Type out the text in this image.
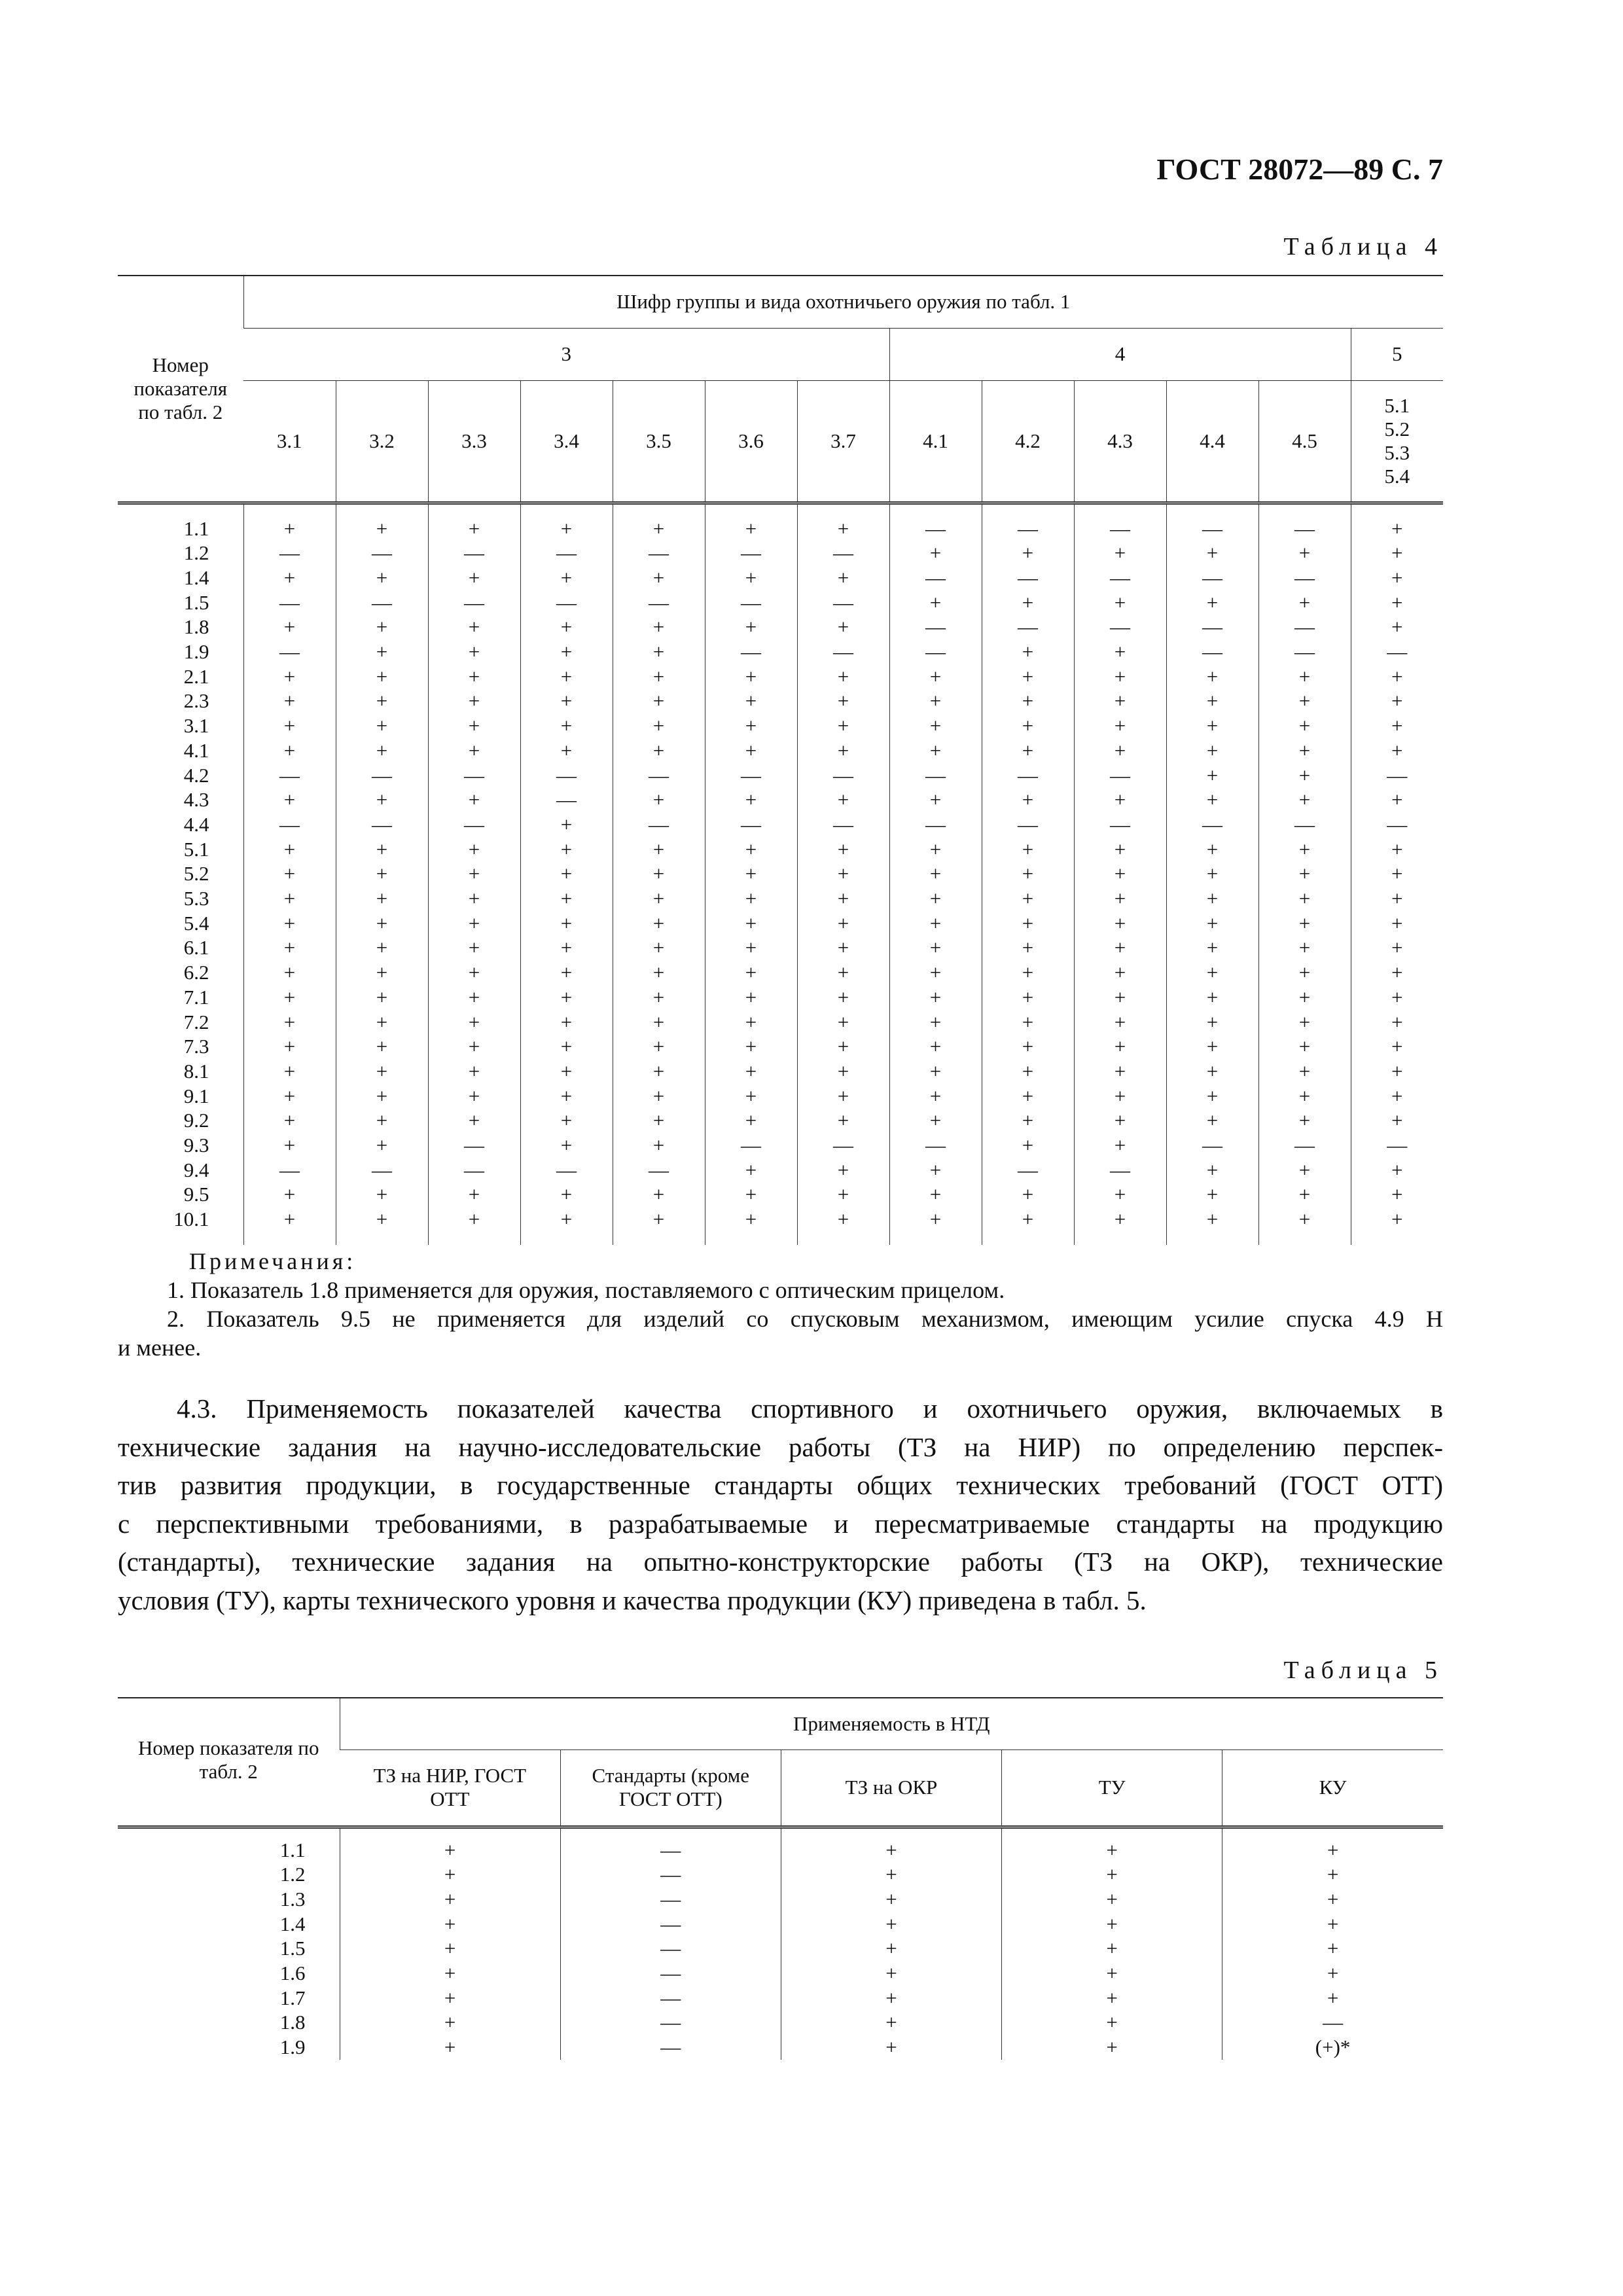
ГОСТ 28072—89 С. 7
Таблица 4
Номер показателя по табл. 2	Шифр группы и вида охотничьего оружия по табл. 1												
	3							4					5
	3.1	3.2	3.3	3.4	3.5	3.6	3.7	4.1	4.2	4.3	4.4	4.5	5.1 5.2 5.3 5.4
1.1	+	+	+	+	+	+	+	—	—	—	—	—	+
1.2	—	—	—	—	—	—	—	+	+	+	+	+	+
1.4	+	+	+	+	+	+	+	—	—	—	—	—	+
1.5	—	—	—	—	—	—	—	+	+	+	+	+	+
1.8	+	+	+	+	+	+	+	—	—	—	—	—	+
1.9	—	+	+	+	+	—	—	—	+	+	—	—	—
2.1	+	+	+	+	+	+	+	+	+	+	+	+	+
2.3	+	+	+	+	+	+	+	+	+	+	+	+	+
3.1	+	+	+	+	+	+	+	+	+	+	+	+	+
4.1	+	+	+	+	+	+	+	+	+	+	+	+	+
4.2	—	—	—	—	—	—	—	—	—	—	+	+	—
4.3	+	+	+	—	+	+	+	+	+	+	+	+	+
4.4	—	—	—	+	—	—	—	—	—	—	—	—	—
5.1	+	+	+	+	+	+	+	+	+	+	+	+	+
5.2	+	+	+	+	+	+	+	+	+	+	+	+	+
5.3	+	+	+	+	+	+	+	+	+	+	+	+	+
5.4	+	+	+	+	+	+	+	+	+	+	+	+	+
6.1	+	+	+	+	+	+	+	+	+	+	+	+	+
6.2	+	+	+	+	+	+	+	+	+	+	+	+	+
7.1	+	+	+	+	+	+	+	+	+	+	+	+	+
7.2	+	+	+	+	+	+	+	+	+	+	+	+	+
7.3	+	+	+	+	+	+	+	+	+	+	+	+	+
8.1	+	+	+	+	+	+	+	+	+	+	+	+	+
9.1	+	+	+	+	+	+	+	+	+	+	+	+	+
9.2	+	+	+	+	+	+	+	+	+	+	+	+	+
9.3	+	+	—	+	+	—	—	—	+	+	—	—	—
9.4	—	—	—	—	—	+	+	+	—	—	+	+	+
9.5	+	+	+	+	+	+	+	+	+	+	+	+	+
10.1	+	+	+	+	+	+	+	+	+	+	+	+	+
Примечания:
1. Показатель 1.8 применяется для оружия, поставляемого с оптическим прицелом.
2. Показатель 9.5 не применяется для изделий со спусковым механизмом, имеющим усилие спуска 4.9 Н
и менее.
4.3. Применяемость показателей качества спортивного и охотничьего оружия, включаемых в
технические задания на научно-исследовательские работы (ТЗ на НИР) по определению перспек-
тив развития продукции, в государственные стандарты общих технических требований (ГОСТ ОТТ)
с перспективными требованиями, в разрабатываемые и пересматриваемые стандарты на продукцию
(стандарты), технические задания на опытно-конструкторские работы (ТЗ на ОКР), технические
условия (ТУ), карты технического уровня и качества продукции (КУ) приведена в табл. 5.
Таблица 5
Номер показателя по табл. 2	Применяемость в НТД				
	ТЗ на НИР, ГОСТ ОТТ	Стандарты (кроме ГОСТ ОТТ)	ТЗ на ОКР	ТУ	КУ
1.1	+	—	+	+	+
1.2	+	—	+	+	+
1.3	+	—	+	+	+
1.4	+	—	+	+	+
1.5	+	—	+	+	+
1.6	+	—	+	+	+
1.7	+	—	+	+	+
1.8	+	—	+	+	—
1.9	+	—	+	+	(+)*
